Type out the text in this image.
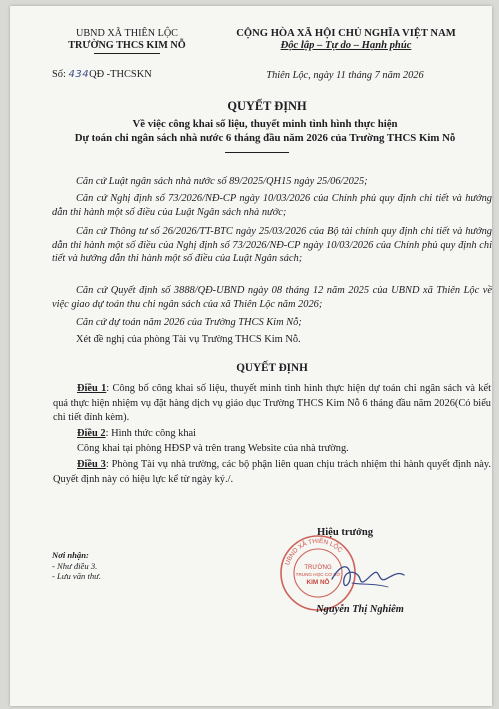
UBND XÃ THIÊN LỘC
TRƯỜNG THCS KIM NỖ
CỘNG HÒA XÃ HỘI CHỦ NGHĨA VIỆT NAM
Độc lập – Tự do – Hạnh phúc
Số: 434QĐ -THCSKN	Thiên Lộc, ngày 11 tháng 7 năm 2026
QUYẾT ĐỊNH
Về việc công khai số liệu, thuyết minh tình hình thực hiện
Dự toán chi ngân sách nhà nước 6 tháng đầu năm 2026 của Trường THCS Kim Nỗ
Căn cứ Luật ngân sách nhà nước số 89/2025/QH15 ngày 25/06/2025;
Căn cứ Nghị định số 73/2026/NĐ-CP ngày 10/03/2026 của Chính phủ quy định chi tiết và hướng dẫn thi hành một số điều của Luật Ngân sách nhà nước;
Căn cứ Thông tư số 26/2026/TT-BTC ngày 25/03/2026 của Bộ tài chính quy định chi tiết và hướng dẫn thi hành một số điều của Nghị định số 73/2026/NĐ-CP ngày 10/03/2026 của Chính phủ quy định chi tiết và hướng dẫn thi hành một số điều của Luật Ngân sách;
Căn cứ Quyết định số 3888/QĐ-UBND ngày 08 tháng 12 năm 2025 của UBND xã Thiên Lộc về việc giao dự toán thu chi ngân sách của xã Thiên Lộc năm 2026;
Căn cứ dự toán năm 2026 của Trường THCS Kim Nỗ;
Xét đề nghị của phòng Tài vụ Trường THCS Kim Nỗ.
QUYẾT ĐỊNH
Điều 1: Công bố công khai số liệu, thuyết minh tình hình thực hiện dự toán chi ngân sách và kết quả thực hiện nhiệm vụ đặt hàng dịch vụ giáo dục Trường THCS Kim Nỗ 6 tháng đầu năm 2026(Có biểu chi tiết đính kèm).
Điều 2: Hình thức công khai
Công khai tại phòng HĐSP và trên trang Website của nhà trường.
Điều 3: Phòng Tài vụ nhà trường, các bộ phận liên quan chịu trách nhiệm thi hành quyết định này. Quyết định này có hiệu lực kể từ ngày ký./.
Nơi nhận:
- Như điều 3.
- Lưu văn thư.
Hiệu trưởng
UBND XÃ THIÊN LỘC
TRƯỜNG
TRUNG HỌC CƠ SỞ
KIM NỖ
Nguyễn Thị Nghiêm
